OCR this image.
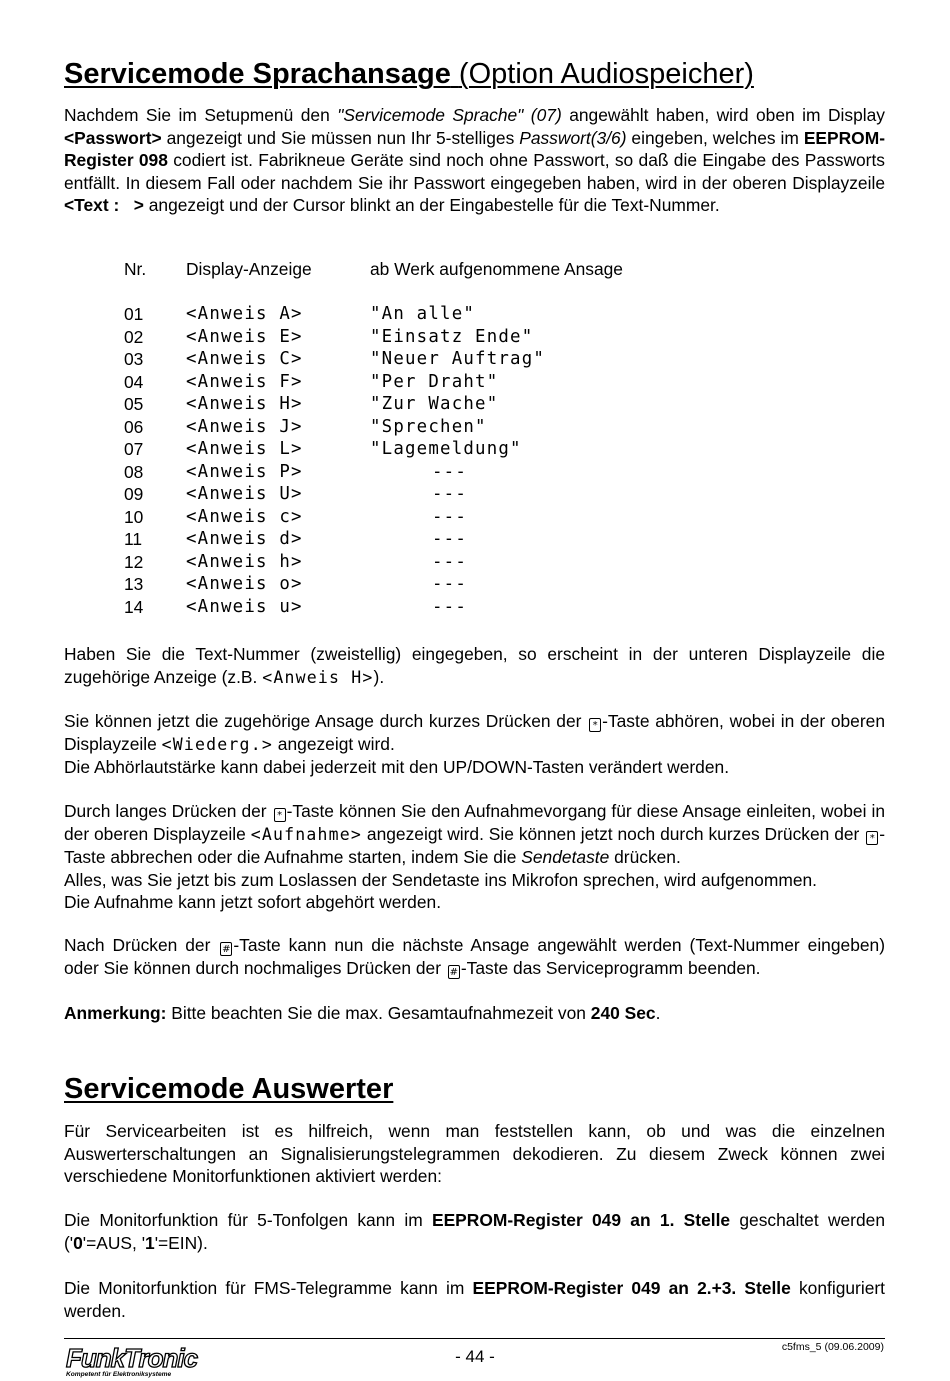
Servicemode Sprachansage (Option Audiospeicher)
Nachdem Sie im Setupmenü den "Servicemode Sprache" (07) angewählt haben, wird oben im Display <Passwort> angezeigt und Sie müssen nun Ihr 5-stelliges Passwort(3/6) eingeben, welches im EEPROM-Register 098 codiert ist. Fabrikneue Geräte sind noch ohne Passwort, so daß die Eingabe des Passworts entfällt. In diesem Fall oder nachdem Sie ihr Passwort eingegeben haben, wird in der oberen Displayzeile <Text :   > angezeigt und der Cursor blinkt an der Eingabestelle für die Text-Nummer.
Nr.	Display-Anzeige	ab Werk aufgenommene Ansage
01	<Anweis A>	"An alle"
02	<Anweis E>	"Einsatz Ende"
03	<Anweis C>	"Neuer Auftrag"
04	<Anweis F>	"Per Draht"
05	<Anweis H>	"Zur Wache"
06	<Anweis J>	"Sprechen"
07	<Anweis L>	"Lagemeldung"
08	<Anweis P>	---
09	<Anweis U>	---
10	<Anweis c>	---
11	<Anweis d>	---
12	<Anweis h>	---
13	<Anweis o>	---
14	<Anweis u>	---
Haben Sie die Text-Nummer (zweistellig) eingegeben, so erscheint in der unteren Displayzeile die zugehörige Anzeige (z.B. <Anweis H>).
Sie können jetzt die zugehörige Ansage durch kurzes Drücken der * -Taste abhören, wobei in der oberen Displayzeile <Wiederg.> angezeigt wird.
Die Abhörlautstärke kann dabei jederzeit mit den UP/DOWN-Tasten verändert werden.
Durch langes Drücken der * -Taste können Sie den Aufnahmevorgang für diese Ansage einleiten, wobei in der oberen Displayzeile <Aufnahme> angezeigt wird. Sie können jetzt noch durch kurzes Drücken der * -Taste abbrechen oder die Aufnahme starten, indem Sie die Sendetaste drücken.
Alles, was Sie jetzt bis zum Loslassen der Sendetaste ins Mikrofon sprechen, wird aufgenommen.
Die Aufnahme kann jetzt sofort abgehört werden.
Nach Drücken der # -Taste kann nun die nächste Ansage angewählt werden (Text-Nummer eingeben) oder Sie können durch nochmaliges Drücken der # -Taste das Serviceprogramm beenden.
Anmerkung: Bitte beachten Sie die max. Gesamtaufnahmezeit von 240 Sec.
Servicemode Auswerter
Für Servicearbeiten ist es hilfreich, wenn man feststellen kann, ob und was die einzelnen Auswerterschaltungen an Signalisierungstelegrammen dekodieren. Zu diesem Zweck können zwei verschiedene Monitorfunktionen aktiviert werden:
Die Monitorfunktion für 5-Tonfolgen kann im EEPROM-Register 049 an 1. Stelle geschaltet werden ('0'=AUS, '1'=EIN).
Die Monitorfunktion für FMS-Telegramme kann im EEPROM-Register 049 an 2.+3. Stelle konfiguriert werden.
FunkTronic
Kompetent für Elektroniksysteme
- 44 -	c5fms_5 (09.06.2009)
